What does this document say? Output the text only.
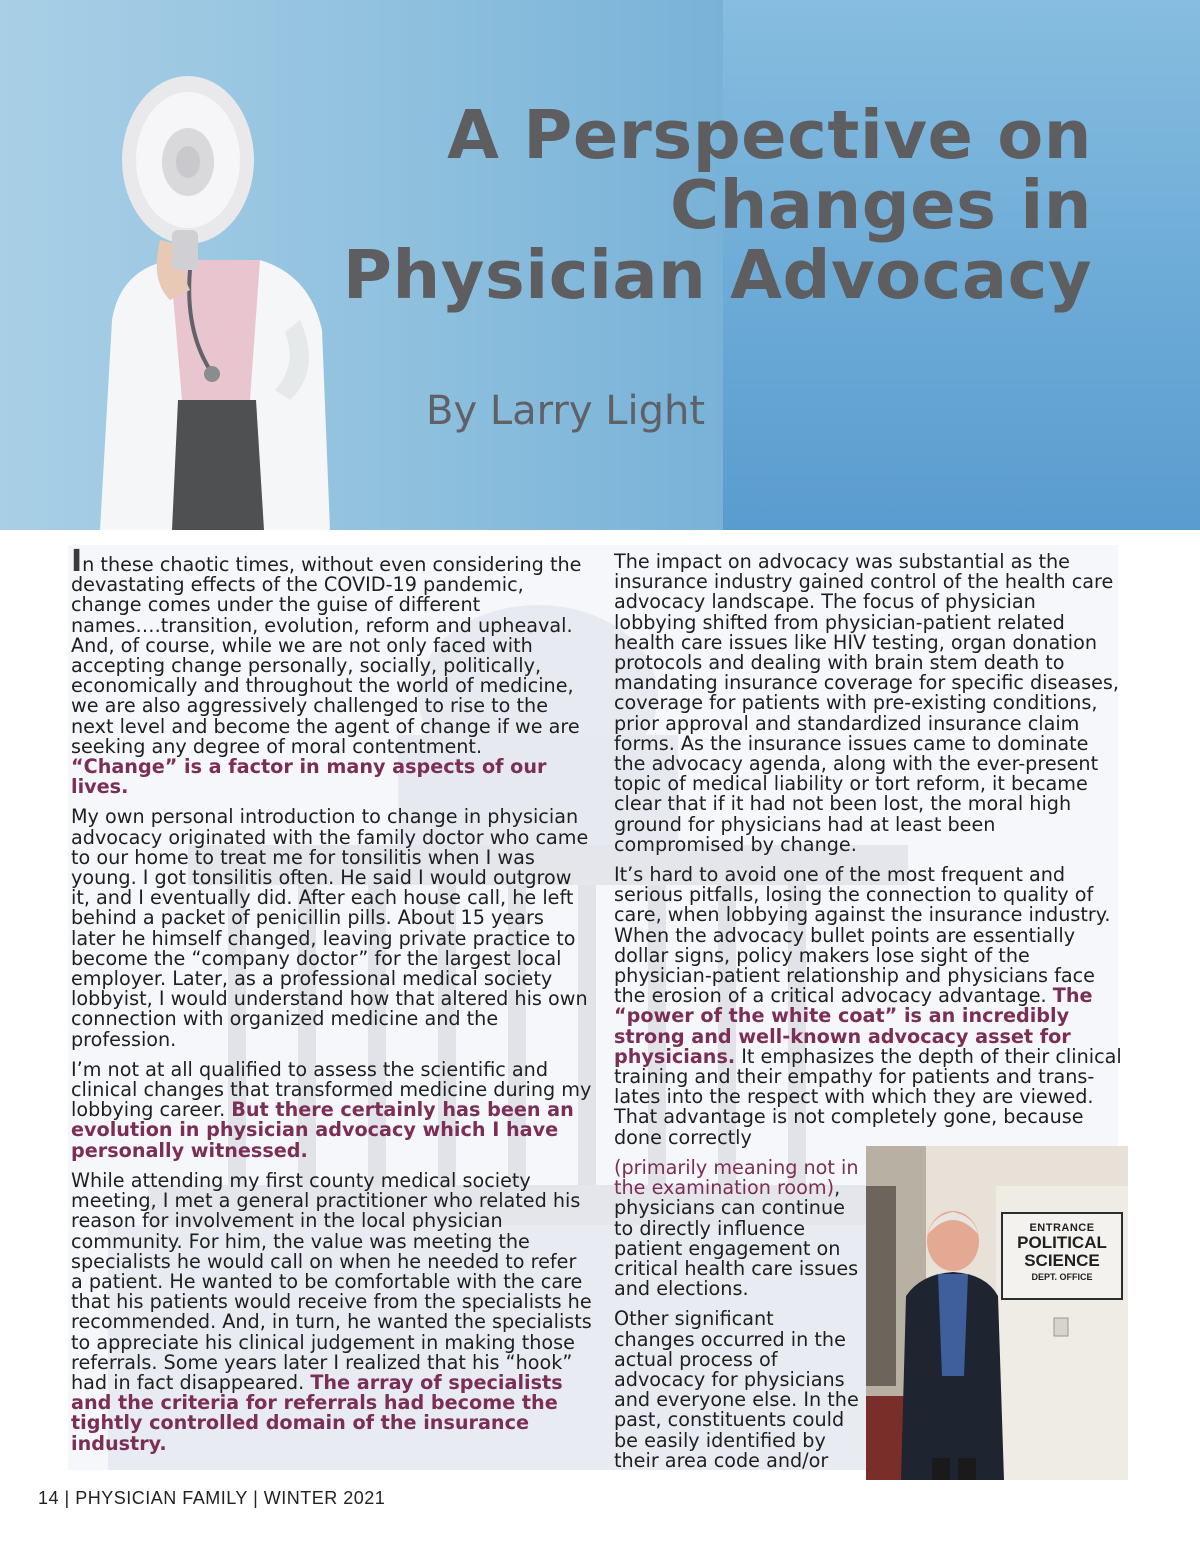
A Perspective on
Changes in
Physician Advocacy

By Larry Light

In these chaotic times, without even considering the devastating effects of the COVID-19 pandemic, change comes under the guise of different names….transition, evolution, reform and upheaval. And, of course, while we are not only faced with accepting change personally, socially, politically, economically and throughout the world of medicine, we are also aggressively challenged to rise to the next level and become the agent of change if we are seeking any degree of moral contentment. “Change” is a factor in many aspects of our lives.

My own personal introduction to change in physician advocacy originated with the family doctor who came to our home to treat me for tonsilitis when I was young. I got tonsilitis often. He said I would outgrow it, and I eventually did. After each house call, he left behind a packet of penicillin pills. About 15 years later he himself changed, leaving private practice to become the “company doctor” for the largest local employer. Later, as a professional medical society lobbyist, I would understand how that altered his own connection with organized medicine and the profession.

I’m not at all qualified to assess the scientific and clinical changes that transformed medicine during my lobbying career. But there certainly has been an evolution in physician advocacy which I have personally witnessed.

While attending my first county medical society meeting, I met a general practitioner who related his reason for involvement in the local physician community. For him, the value was meeting the specialists he would call on when he needed to refer a patient. He wanted to be comfortable with the care that his patients would receive from the specialists he recommended. And, in turn, he wanted the specialists to appreciate his clinical judgement in making those referrals. Some years later I realized that his “hook” had in fact disappeared. The array of specialists and the criteria for referrals had become the tightly controlled domain of the insurance industry.

The impact on advocacy was substantial as the insurance industry gained control of the health care advocacy landscape. The focus of physician lobbying shifted from physician-patient related health care issues like HIV testing, organ donation protocols and dealing with brain stem death to mandating insurance coverage for specific diseases, coverage for patients with pre-existing conditions, prior approval and standardized insurance claim forms. As the insurance issues came to dominate the advocacy agenda, along with the ever-present topic of medical liability or tort reform, it became clear that if it had not been lost, the moral high ground for physicians had at least been compromised by change.

It’s hard to avoid one of the most frequent and serious pitfalls, losing the connection to quality of care, when lobbying against the insurance industry. When the advocacy bullet points are essentially dollar signs, policy makers lose sight of the physician-patient relationship and physicians face the erosion of a critical advocacy advantage. The “power of the white coat” is an incredibly strong and well-known advocacy asset for physicians. It emphasizes the depth of their clinical training and their empathy for patients and trans-lates into the respect with which they are viewed. That advantage is not completely gone, because done correctly

(primarily meaning not in the examination room), physicians can continue to directly influence patient engagement on critical health care issues and elections.

Other significant changes occurred in the actual process of advocacy for physicians and everyone else. In the past, constituents could be easily identified by their area code and/or

ENTRANCE
POLITICAL
SCIENCE
DEPT. OFFICE

14 | PHYSICIAN FAMILY | WINTER 2021
